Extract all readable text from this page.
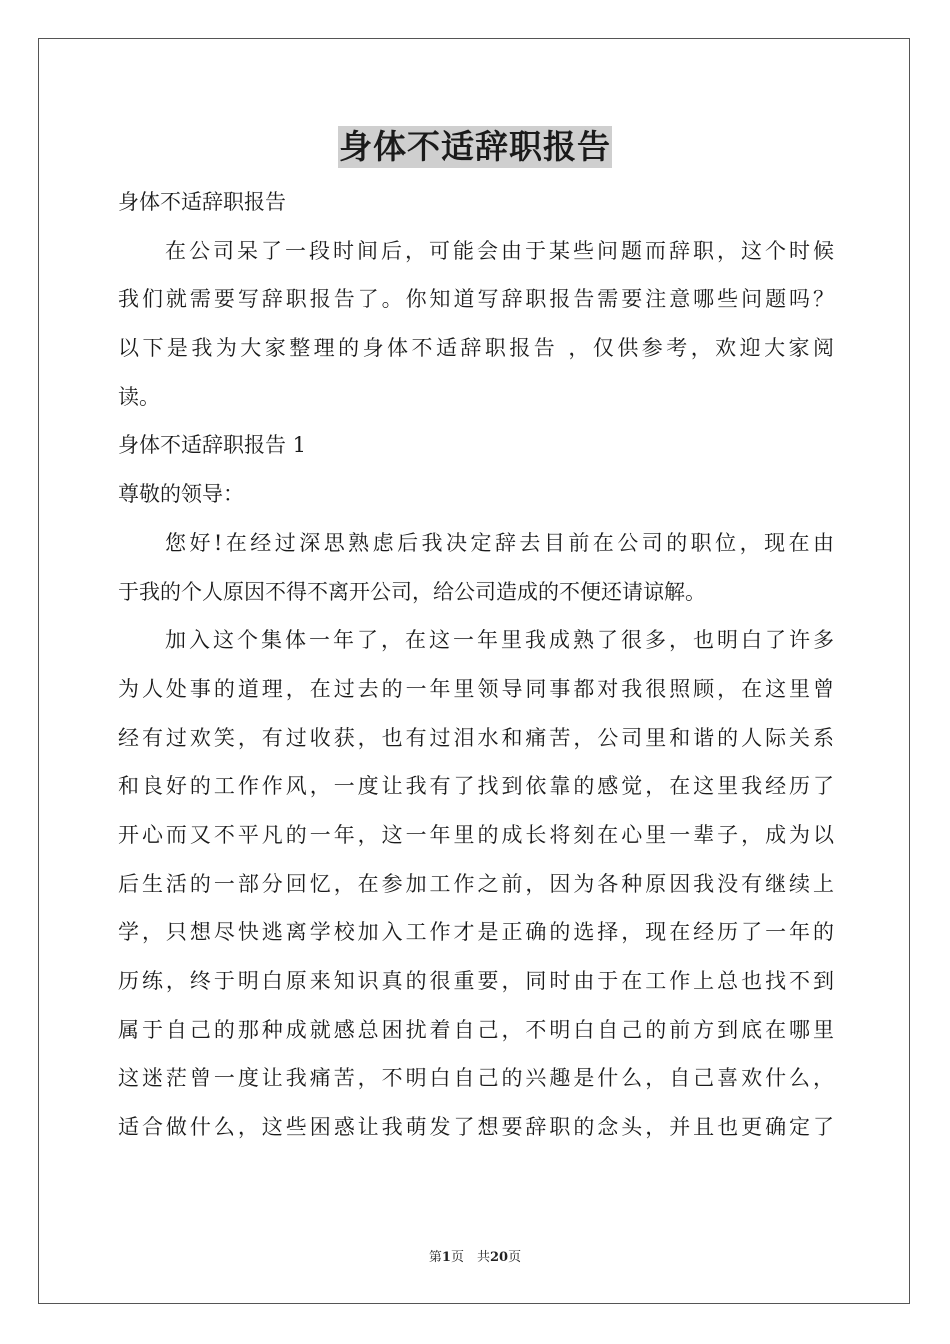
身体不适辞职报告
身体不适辞职报告
在公司呆了一段时间后，可能会由于某些问题而辞职，这个时候
我们就需要写辞职报告了。你知道写辞职报告需要注意哪些问题吗？
以下是我为大家整理的身体不适辞职报告 ，仅供参考，欢迎大家阅
读。
身体不适辞职报告 1
尊敬的领导：
您好!在经过深思熟虑后我决定辞去目前在公司的职位，现在由
于我的个人原因不得不离开公司，给公司造成的不便还请谅解。
加入这个集体一年了，在这一年里我成熟了很多，也明白了许多
为人处事的道理，在过去的一年里领导同事都对我很照顾，在这里曾
经有过欢笑，有过收获，也有过泪水和痛苦，公司里和谐的人际关系
和良好的工作作风，一度让我有了找到依靠的感觉，在这里我经历了
开心而又不平凡的一年，这一年里的成长将刻在心里一辈子，成为以
后生活的一部分回忆，在参加工作之前，因为各种原因我没有继续上
学，只想尽快逃离学校加入工作才是正确的选择，现在经历了一年的
历练，终于明白原来知识真的很重要，同时由于在工作上总也找不到
属于自己的那种成就感总困扰着自己，不明白自己的前方到底在哪里
这迷茫曾一度让我痛苦，不明白自己的兴趣是什么，自己喜欢什么，
适合做什么，这些困惑让我萌发了想要辞职的念头，并且也更确定了
第1页　共20页
